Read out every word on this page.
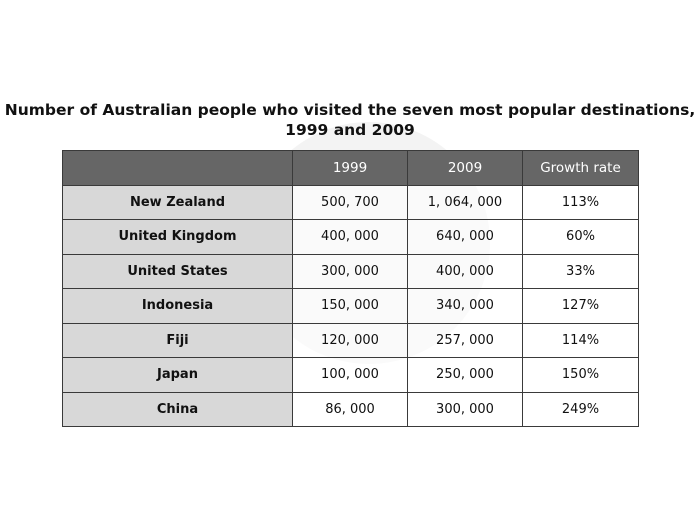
Number of Australian people who visited the seven most popular destinations,
1999 and 2009
	1999	2009	Growth rate
New Zealand	500, 700	1, 064, 000	113%
United Kingdom	400, 000	640, 000	60%
United States	300, 000	400, 000	33%
Indonesia	150, 000	340, 000	127%
Fiji	120, 000	257, 000	114%
Japan	100, 000	250, 000	150%
China	86, 000	300, 000	249%
